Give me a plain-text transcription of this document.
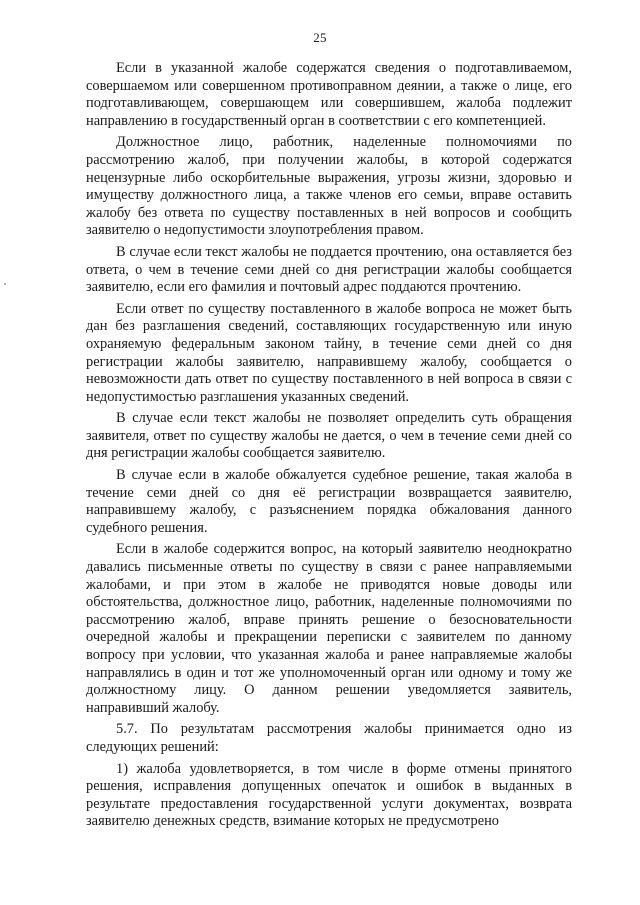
25

Если в указанной жалобе содержатся сведения о подготавливаемом, совершаемом или совершенном противоправном деянии, а также о лице, его подготавливающем, совершающем или совершившем, жалоба подлежит направлению в государственный орган в соответствии с его компетенцией.

Должностное лицо, работник, наделенные полномочиями по рассмотрению жалоб, при получении жалобы, в которой содержатся нецензурные либо оскорбительные выражения, угрозы жизни, здоровью и имуществу должностного лица, а также членов его семьи, вправе оставить жалобу без ответа по существу поставленных в ней вопросов и сообщить заявителю о недопустимости злоупотребления правом.

В случае если текст жалобы не поддается прочтению, она оставляется без ответа, о чем в течение семи дней со дня регистрации жалобы сообщается заявителю, если его фамилия и почтовый адрес поддаются прочтению.

Если ответ по существу поставленного в жалобе вопроса не может быть дан без разглашения сведений, составляющих государственную или иную охраняемую федеральным законом тайну, в течение семи дней со дня регистрации жалобы заявителю, направившему жалобу, сообщается о невозможности дать ответ по существу поставленного в ней вопроса в связи с недопустимостью разглашения указанных сведений.

В случае если текст жалобы не позволяет определить суть обращения заявителя, ответ по существу жалобы не дается, о чем в течение семи дней со дня регистрации жалобы сообщается заявителю.

В случае если в жалобе обжалуется судебное решение, такая жалоба в течение семи дней со дня её регистрации возвращается заявителю, направившему жалобу, с разъяснением порядка обжалования данного судебного решения.

Если в жалобе содержится вопрос, на который заявителю неоднократно давались письменные ответы по существу в связи с ранее направляемыми жалобами, и при этом в жалобе не приводятся новые доводы или обстоятельства, должностное лицо, работник, наделенные полномочиями по рассмотрению жалоб, вправе принять решение о безосновательности очередной жалобы и прекращении переписки с заявителем по данному вопросу при условии, что указанная жалоба и ранее направляемые жалобы направлялись в один и тот же уполномоченный орган или одному и тому же должностному лицу. О данном решении уведомляется заявитель, направивший жалобу.

5.7. По результатам рассмотрения жалобы принимается одно из следующих решений:

1) жалоба удовлетворяется, в том числе в форме отмены принятого решения, исправления допущенных опечаток и ошибок в выданных в результате предоставления государственной услуги документах, возврата заявителю денежных средств, взимание которых не предусмотрено
